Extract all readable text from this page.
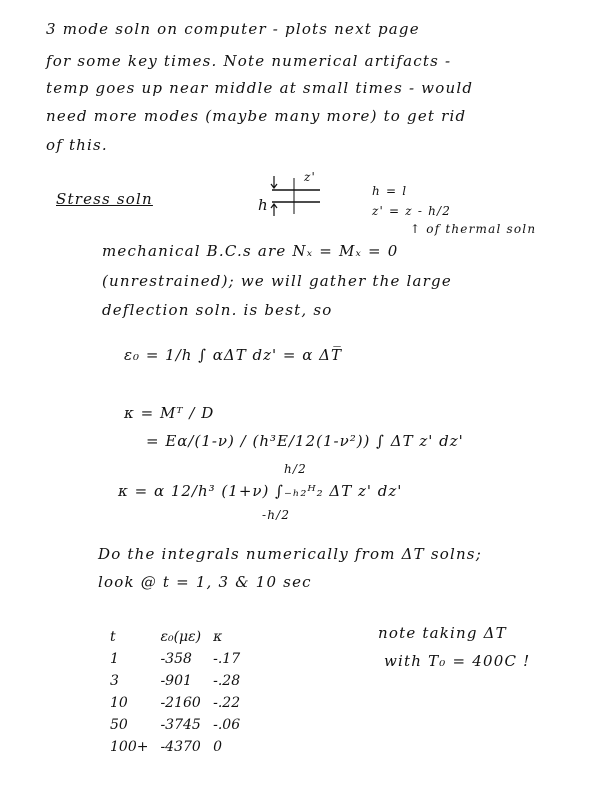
3 mode soln on computer - plots next page
for some key times. Note numerical artifacts -
temp goes up near middle at small times - would
need more modes (maybe many more) to get rid
of this.
Stress soln	h
z'
h = l
z' = z - h/2
↑ of thermal soln
mechanical B.C.s are Nₓ = Mₓ = 0
(unrestrained); we will gather the large
deflection soln. is best, so
ε₀ = 1/h ∫ αΔT dz' = α ΔT̅
κ = Mᵀ / D
= Eα/(1-ν) / (h³E/12(1-ν²)) ∫ ΔT z' dz'
κ = α 12/h³ (1+ν) ∫₋ₕ₂ᴴ₂ ΔT z' dz'
h/2
-h/2
Do the integrals numerically from ΔT solns;
look @ t = 1, 3 & 10 sec
t	ε₀(με)	κ
1	-358	-.17
3	-901	-.28
10	-2160	-.22
50	-3745	-.06
100+	-4370	0
note taking ΔT
with T₀ = 400C !
